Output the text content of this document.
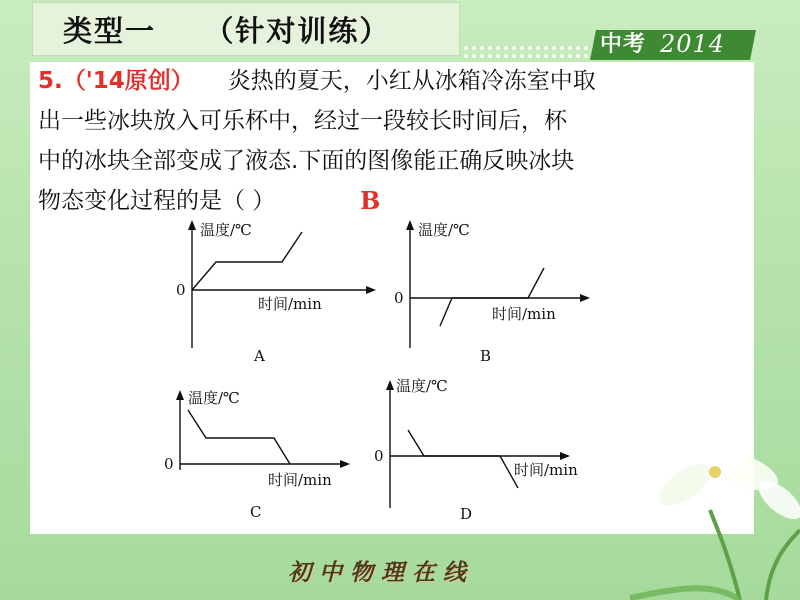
类型一    （针对训练）	中考 2014
5.（'14原创） 炎热的夏天，小红从冰箱冷冻室中取
出一些冰块放入可乐杯中，经过一段较长时间后，杯
中的冰块全部变成了液态.下面的图像能正确反映冰块
物态变化过程的是（ ）	B
温度/℃
0
时间/min
A
温度/℃
0
时间/min
B
温度/℃
0
时间/min
C
温度/℃
0
时间/min
D
初中物理在线
